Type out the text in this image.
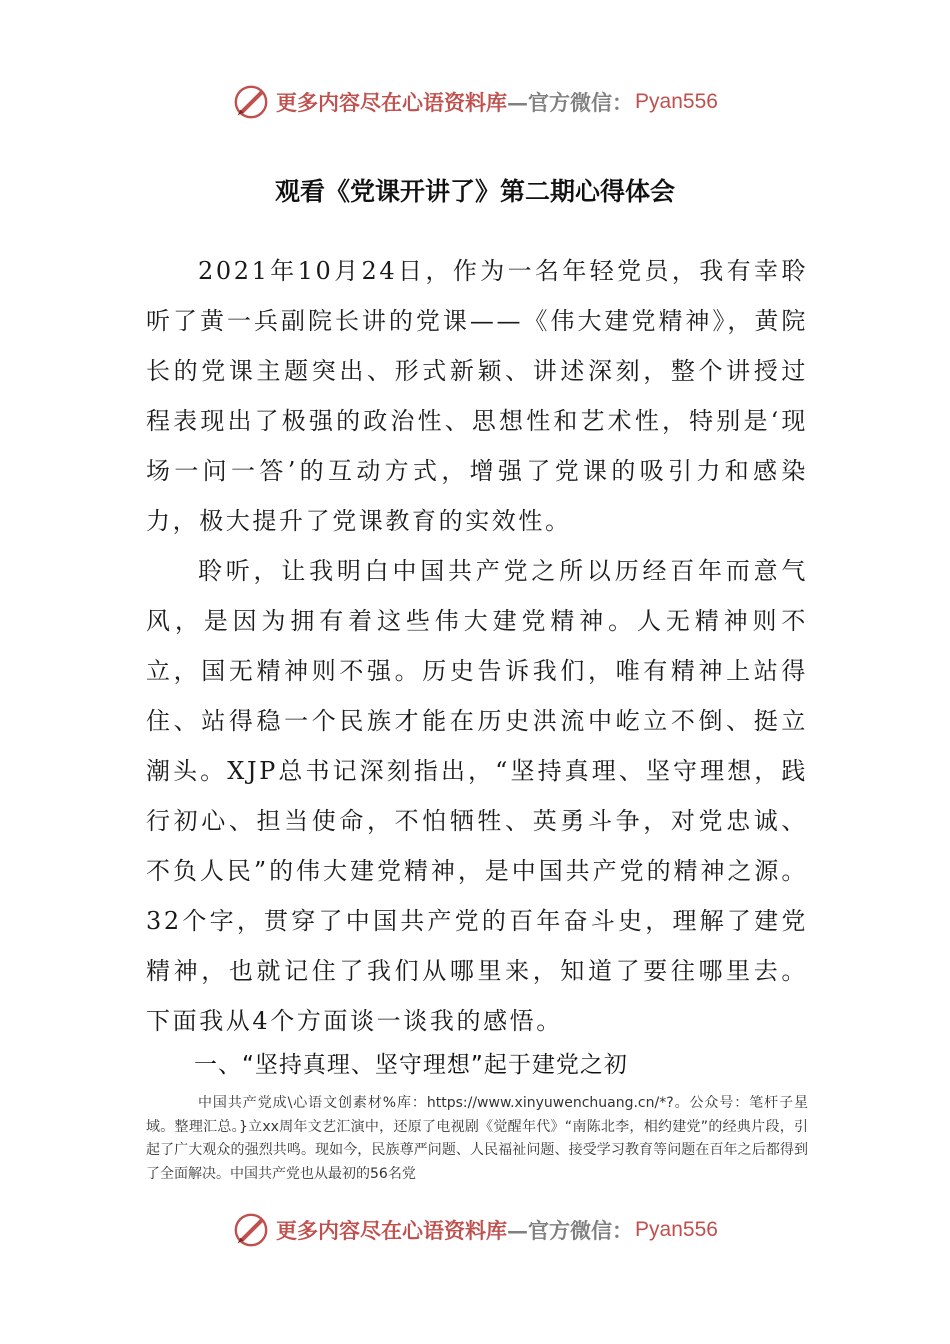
更多内容尽在心语资料库 —官方微信： Pyan556
观看《党课开讲了》第二期心得体会

2021年10月24日，作为一名年轻党员，我有幸聆听了黄一兵副院长讲的党课——《伟大建党精神》，黄院长的党课主题突出、形式新颖、讲述深刻，整个讲授过程表现出了极强的政治性、思想性和艺术性，特别是‘现场一问一答’的互动方式，增强了党课的吸引力和感染力，极大提升了党课教育的实效性。

聆听，让我明白中国共产党之所以历经百年而意气风，是因为拥有着这些伟大建党精神。人无精神则不立，国无精神则不强。历史告诉我们，唯有精神上站得住、站得稳一个民族才能在历史洪流中屹立不倒、挺立潮头。XJP总书记深刻指出，“坚持真理、坚守理想，践行初心、担当使命，不怕牺牲、英勇斗争，对党忠诚、不负人民”的伟大建党精神，是中国共产党的精神之源。32个字，贯穿了中国共产党的百年奋斗史，理解了建党精神，也就记住了我们从哪里来，知道了要往哪里去。下面我从4个方面谈一谈我的感悟。

一、“坚持真理、坚守理想”起于建党之初

中国共产党成\心语文创素材%库：https://www.xinyuwenchuang.cn/*?。公众号：笔杆子星域。整理汇总。}立xx周年文艺汇演中，还原了电视剧《觉醒年代》“南陈北李，相约建党”的经典片段，引起了广大观众的强烈共鸣。现如今，民族尊严问题、人民福祉问题、接受学习教育等问题在百年之后都得到了全面解决。中国共产党也从最初的56名党

更多内容尽在心语资料库 —官方微信： Pyan556
